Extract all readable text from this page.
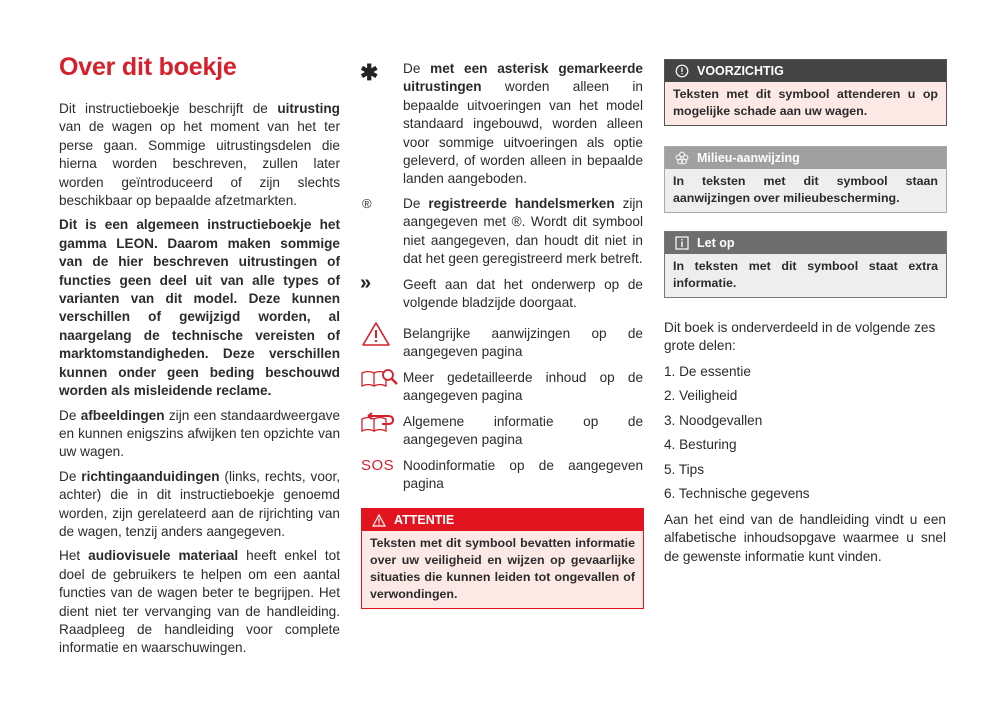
Over dit boekje

Dit instructieboekje beschrijft de uitrusting van de wagen op het moment van het ter perse gaan. Sommige uitrustingsdelen die hierna worden beschreven, zullen later worden geïntroduceerd of zijn slechts beschikbaar op bepaalde afzetmarkten.

Dit is een algemeen instructieboekje het gamma LEON. Daarom maken sommige van de hier beschreven uitrustingen of functies geen deel uit van alle types of varianten van dit model. Deze kunnen verschillen of gewijzigd worden, al naargelang de technische vereisten of marktomstandigheden. Deze verschillen kunnen onder geen beding beschouwd worden als misleidende reclame.

De afbeeldingen zijn een standaardweergave en kunnen enigszins afwijken ten opzichte van uw wagen.

De richtingaanduidingen (links, rechts, voor, achter) die in dit instructieboekje genoemd worden, zijn gerelateerd aan de rijrichting van de wagen, tenzij anders aangegeven.

Het audiovisuele materiaal heeft enkel tot doel de gebruikers te helpen om een aantal functies van de wagen beter te begrijpen. Het dient niet ter vervanging van de handleiding. Raadpleeg de handleiding voor complete informatie en waarschuwingen.

✱	De met een asterisk gemarkeerde uitrustingen worden alleen in bepaalde uitvoeringen van het model standaard ingebouwd, worden alleen voor sommige uitvoeringen als optie geleverd, of worden alleen in bepaalde landen aangeboden.
®	De registreerde handelsmerken zijn aangegeven met ®. Wordt dit symbool niet aangegeven, dan houdt dit niet in dat het geen geregistreerd merk betreft.
»	Geeft aan dat het onderwerp op de volgende bladzijde doorgaat.
Belangrijke aanwijzingen op de aangegeven pagina
Meer gedetailleerde inhoud op de aangegeven pagina
Algemene informatie op de aangegeven pagina
SOS Noodinformatie op de aangegeven pagina
ATTENTIE
Teksten met dit symbool bevatten informatie over uw veiligheid en wijzen op gevaarlijke situaties die kunnen leiden tot ongevallen of verwondingen.
VOORZICHTIG
Teksten met dit symbool attenderen u op mogelijke schade aan uw wagen.
Milieu-aanwijzing
In teksten met dit symbool staan aanwijzingen over milieubescherming.
Let op
In teksten met dit symbool staat extra informatie.

Dit boek is onderverdeeld in de volgende zes grote delen:

1. De essentie
2. Veiligheid
3. Noodgevallen
4. Besturing
5. Tips
6. Technische gegevens

Aan het eind van de handleiding vindt u een alfabetische inhoudsopgave waarmee u snel de gewenste informatie kunt vinden.
